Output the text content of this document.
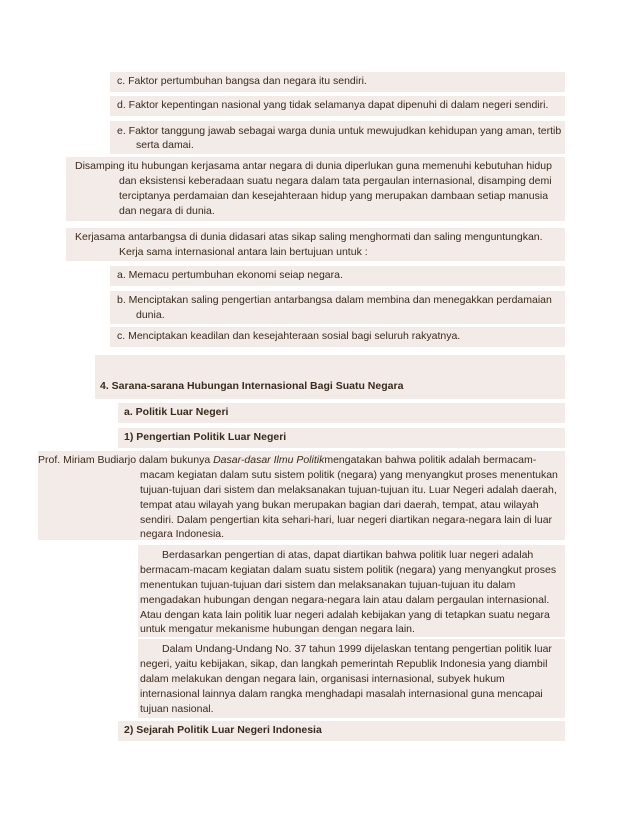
c. Faktor pertumbuhan bangsa dan negara itu sendiri.
d. Faktor kepentingan nasional yang tidak selamanya dapat dipenuhi di dalam negeri sendiri.
e. Faktor tanggung jawab sebagai warga dunia untuk mewujudkan kehidupan yang aman, tertib
serta damai.
Disamping itu hubungan kerjasama antar negara di dunia diperlukan guna memenuhi kebutuhan hidup
dan eksistensi keberadaan suatu negara dalam tata pergaulan internasional, disamping demi
terciptanya perdamaian dan kesejahteraan hidup yang merupakan dambaan setiap manusia
dan negara di dunia.
Kerjasama antarbangsa di dunia didasari atas sikap saling menghormati dan saling menguntungkan.
Kerja sama internasional antara lain bertujuan untuk :
a. Memacu pertumbuhan ekonomi seiap negara.
b. Menciptakan saling pengertian antarbangsa dalam membina dan menegakkan perdamaian
dunia.
c. Menciptakan keadilan dan kesejahteraan sosial bagi seluruh rakyatnya.
4. Sarana-sarana Hubungan Internasional Bagi Suatu Negara
a. Politik Luar Negeri
1) Pengertian Politik Luar Negeri
Prof. Miriam Budiarjo dalam bukunya Dasar-dasar Ilmu Politikmengatakan bahwa politik adalah bermacam-
macam kegiatan dalam sutu sistem politik (negara) yang menyangkut proses menentukan
tujuan-tujuan dari sistem dan melaksanakan tujuan-tujuan itu. Luar Negeri adalah daerah,
tempat atau wilayah yang bukan merupakan bagian dari daerah, tempat, atau wilayah
sendiri. Dalam pengertian kita sehari-hari, luar negeri diartikan negara-negara lain di luar
negara Indonesia.
Berdasarkan pengertian di atas, dapat diartikan bahwa politik luar negeri adalah
bermacam-macam kegiatan dalam suatu sistem politik (negara) yang menyangkut proses
menentukan tujuan-tujuan dari sistem dan melaksanakan tujuan-tujuan itu dalam
mengadakan hubungan dengan negara-negara lain atau dalam pergaulan internasional.
Atau dengan kata lain politik luar negeri adalah kebijakan yang di tetapkan suatu negara
untuk mengatur mekanisme hubungan dengan negara lain.
Dalam Undang-Undang No. 37 tahun 1999 dijelaskan tentang pengertian politik luar
negeri, yaitu kebijakan, sikap, dan langkah pemerintah Republik Indonesia yang diambil
dalam melakukan dengan negara lain, organisasi internasional, subyek hukum
internasional lainnya dalam rangka menghadapi masalah internasional guna mencapai
tujuan nasional.
2) Sejarah Politik Luar Negeri Indonesia
